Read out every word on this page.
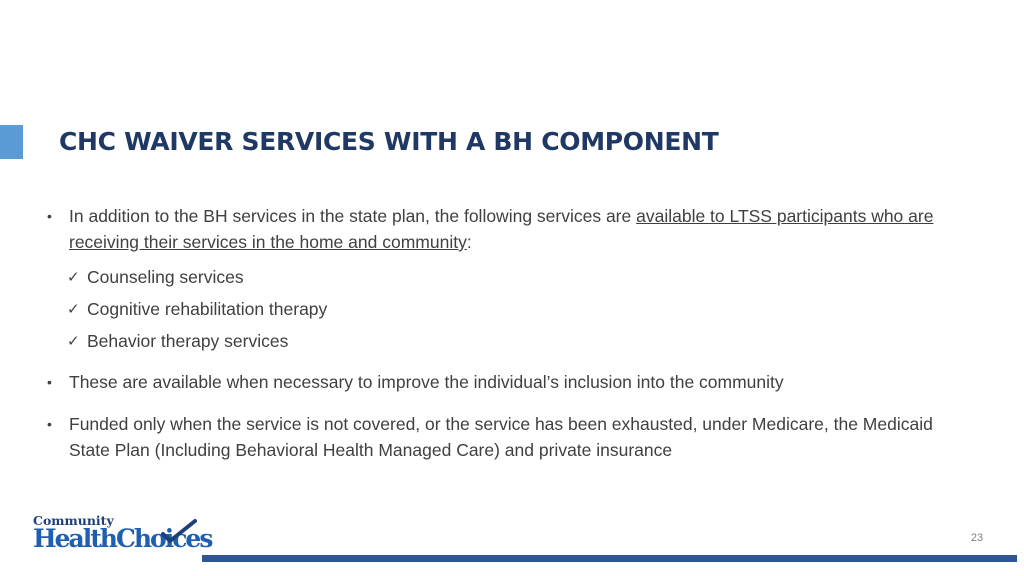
CHC WAIVER SERVICES WITH A BH COMPONENT
• In addition to the BH services in the state plan, the following services are available to LTSS participants who are receiving their services in the home and community:
✓ Counseling services
✓ Cognitive rehabilitation therapy
✓ Behavior therapy services
• These are available when necessary to improve the individual’s inclusion into the community
• Funded only when the service is not covered, or the service has been exhausted, under Medicare, the Medicaid State Plan (Including Behavioral Health Managed Care) and private insurance
Community
HealthChoices	23
